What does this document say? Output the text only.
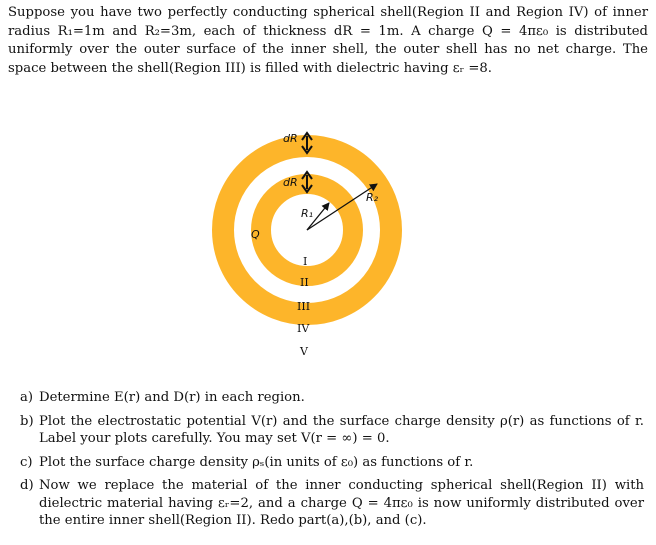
Suppose you have two perfectly conducting spherical shell(Region II and Region IV) of inner radius R₁=1m and R₂=3m, each of thickness dR = 1m. A charge Q = 4πε₀ is distributed uniformly over the outer surface of the inner shell, the outer shell has no net charge. The space between the shell(Region III) is filled with dielectric having εᵣ =8.
dR
dR
R₁
R₂
Q
I
II
III
IV
V
a) Determine E(r) and D(r) in each region.
b) Plot the electrostatic potential V(r) and the surface charge density ρ(r) as functions of r. Label your plots carefully. You may set V(r = ∞) = 0.
c) Plot the surface charge density ρₛ(in units of ε₀) as functions of r.
d) Now we replace the material of the inner conducting spherical shell(Region II) with dielectric material having εᵣ=2, and a charge Q = 4πε₀ is now uniformly distributed over the entire inner shell(Region II). Redo part(a),(b), and (c).
